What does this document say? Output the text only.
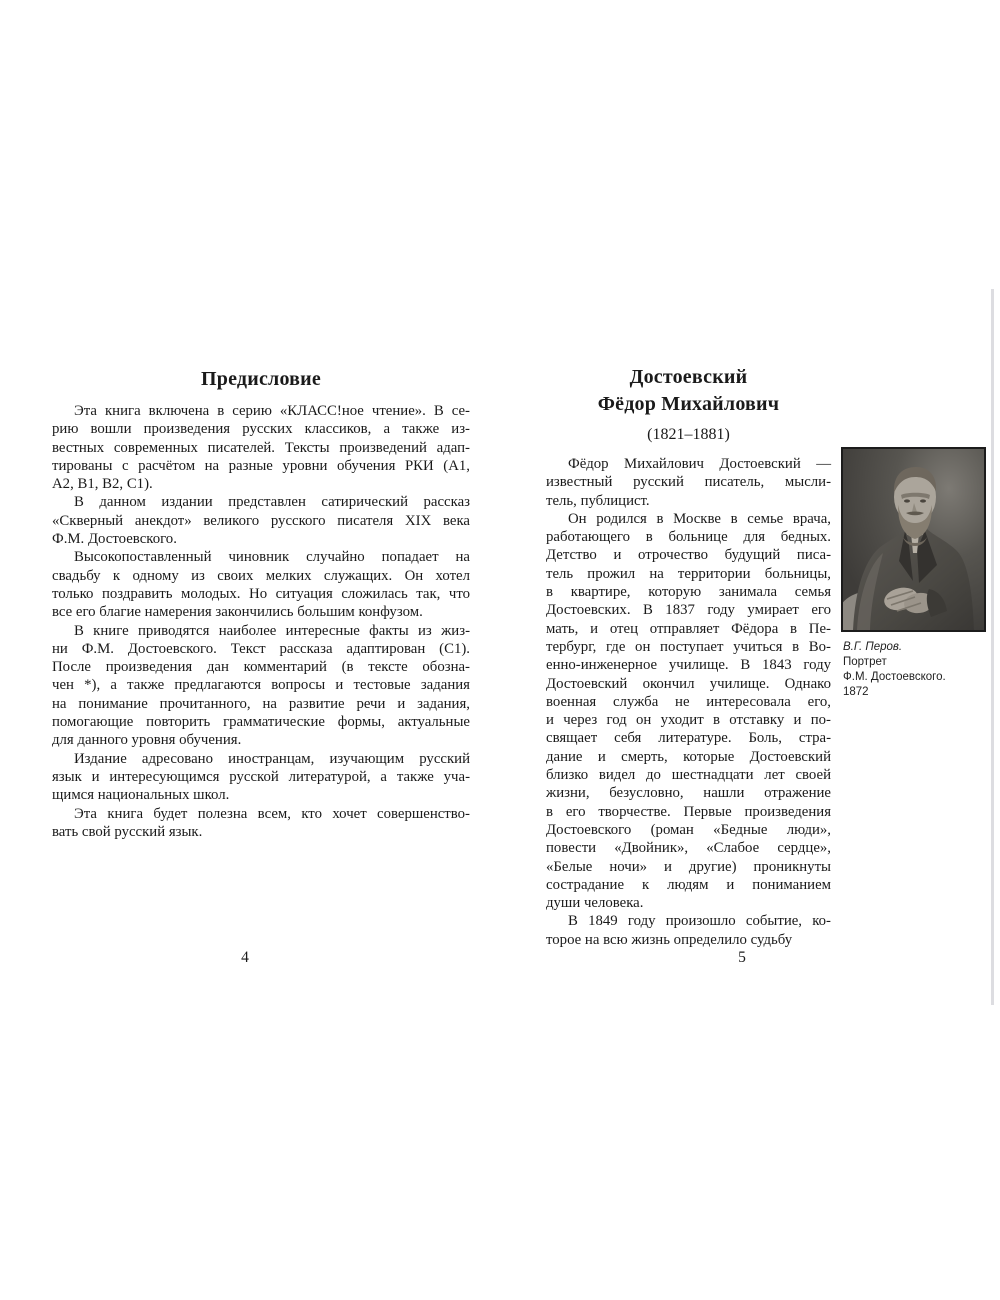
Предисловие
Эта книга включена в серию «КЛАСС!ное чтение». В се-
рию вошли произведения русских классиков, а также из-
вестных современных писателей. Тексты произведений адап-
тированы с расчётом на разные уровни обучения РКИ (А1,
А2, В1, В2, С1).
В данном издании представлен сатирический рассказ
«Скверный анекдот» великого русского писателя XIX века
Ф.М. Достоевского.
Высокопоставленный чиновник случайно попадает на
свадьбу к одному из своих мелких служащих. Он хотел
только поздравить молодых. Но ситуация сложилась так, что
все его благие намерения закончились большим конфузом.
В книге приводятся наиболее интересные факты из жиз-
ни Ф.М. Достоевского. Текст рассказа адаптирован (С1).
После произведения дан комментарий (в тексте обозна-
чен *), а также предлагаются вопросы и тестовые задания
на понимание прочитанного, на развитие речи и задания,
помогающие повторить грамматические формы, актуальные
для данного уровня обучения.
Издание адресовано иностранцам, изучающим русский
язык и интересующимся русской литературой, а также уча-
щимся национальных школ.
Эта книга будет полезна всем, кто хочет совершенство-
вать свой русский язык.
Достоевский
Фёдор Михайлович
(1821–1881)
Фёдор Михайлович Достоевский —
известный русский писатель, мысли-
тель, публицист.
Он родился в Москве в семье врача,
работающего в больнице для бедных.
Детство и отрочество будущий писа-
тель прожил на территории больницы,
в квартире, которую занимала семья
Достоевских. В 1837 году умирает его
мать, и отец отправляет Фёдора в Пе-
тербург, где он поступает учиться в Во-
енно-инженерное училище. В 1843 году
Достоевский окончил училище. Однако
военная служба не интересовала его,
и через год он уходит в отставку и по-
свящает себя литературе. Боль, стра-
дание и смерть, которые Достоевский
близко видел до шестнадцати лет своей
жизни, безусловно, нашли отражение
в его творчестве. Первые произведения
Достоевского (роман «Бедные люди»,
повести «Двойник», «Слабое сердце»,
«Белые ночи» и другие) проникнуты
сострадание к людям и пониманием
души человека.
В 1849 году произошло событие, ко-
торое на всю жизнь определило судьбу
В.Г. Перов.
Портрет
Ф.М. Достоевского.
1872
4	5
